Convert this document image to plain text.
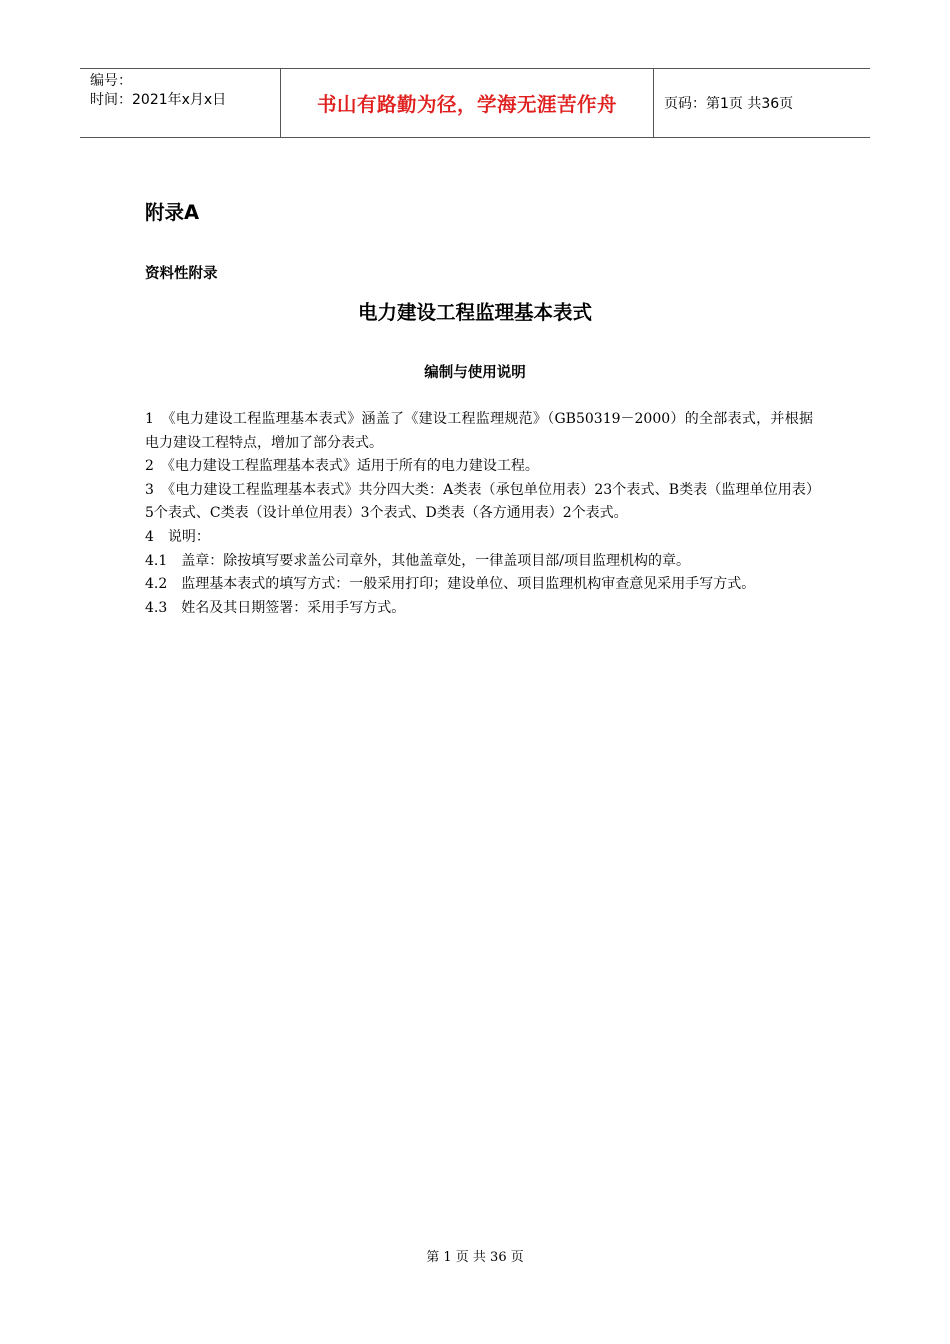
编号：
时间：2021年x月x日	书山有路勤为径，学海无涯苦作舟	页码：第1页 共36页
附录A
资料性附录
电力建设工程监理基本表式
编制与使用说明

1　《电力建设工程监理基本表式》涵盖了《建设工程监理规范》（GB50319－2000）的全部表式，并根据电力建设工程特点，增加了部分表式。

2　《电力建设工程监理基本表式》适用于所有的电力建设工程。

3　《电力建设工程监理基本表式》共分四大类：A类表（承包单位用表）23个表式、B类表（监理单位用表）5个表式、C类表（设计单位用表）3个表式、D类表（各方通用表）2个表式。

4　说明：

4.1　盖章：除按填写要求盖公司章外，其他盖章处，一律盖项目部/项目监理机构的章。

4.2　监理基本表式的填写方式：一般采用打印；建设单位、项目监理机构审查意见采用手写方式。

4.3　姓名及其日期签署：采用手写方式。

第 1 页 共 36 页
